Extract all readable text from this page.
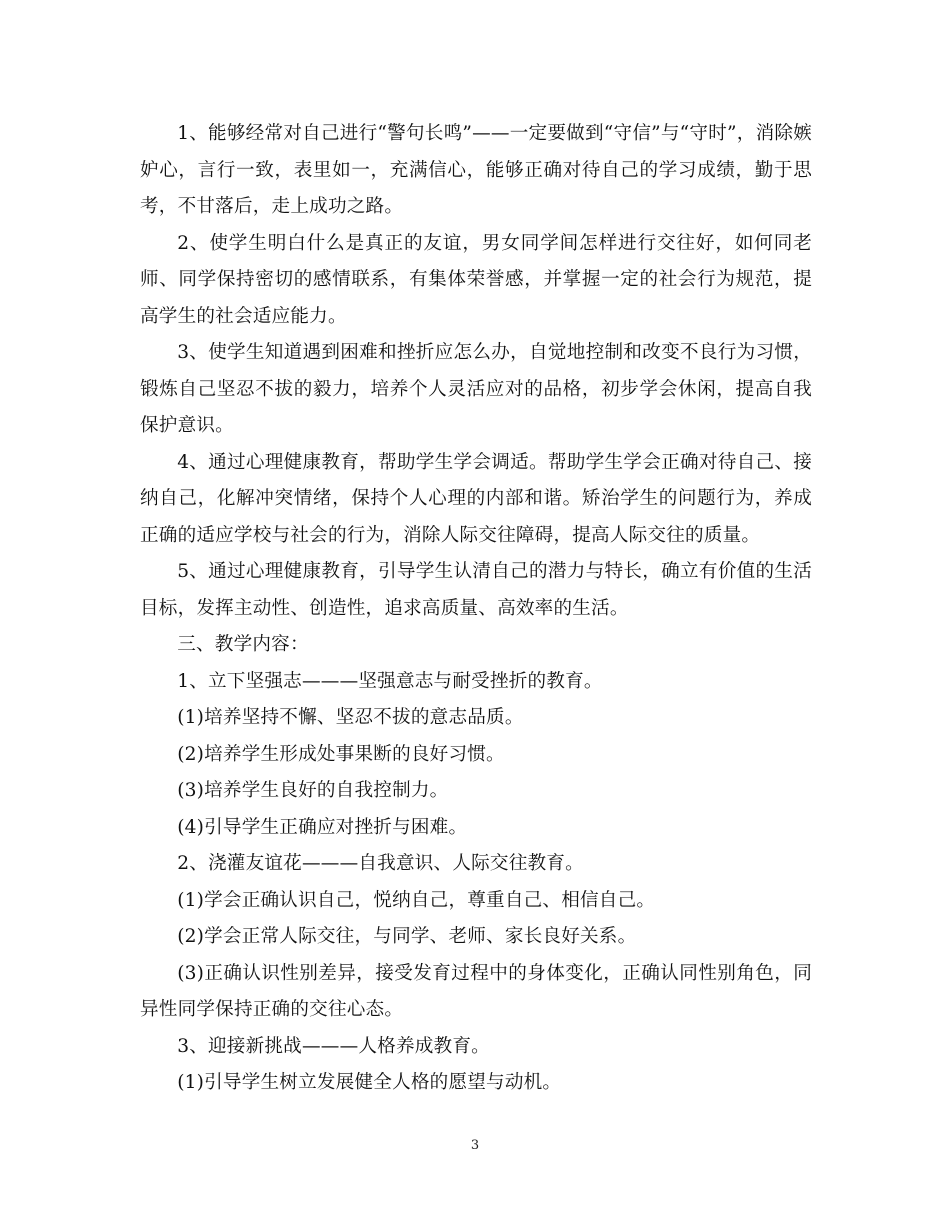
1、能够经常对自己进行“警句长鸣”——一定要做到“守信”与“守时”，消除嫉妒心，言行一致，表里如一，充满信心，能够正确对待自己的学习成绩，勤于思考，不甘落后，走上成功之路。

2、使学生明白什么是真正的友谊，男女同学间怎样进行交往好，如何同老师、同学保持密切的感情联系，有集体荣誉感，并掌握一定的社会行为规范，提高学生的社会适应能力。

3、使学生知道遇到困难和挫折应怎么办，自觉地控制和改变不良行为习惯，锻炼自己坚忍不拔的毅力，培养个人灵活应对的品格，初步学会休闲，提高自我保护意识。

4、通过心理健康教育，帮助学生学会调适。帮助学生学会正确对待自己、接纳自己，化解冲突情绪，保持个人心理的内部和谐。矫治学生的问题行为，养成正确的适应学校与社会的行为，消除人际交往障碍，提高人际交往的质量。

5、通过心理健康教育，引导学生认清自己的潜力与特长，确立有价值的生活目标，发挥主动性、创造性，追求高质量、高效率的生活。

三、教学内容：

1、立下坚强志———坚强意志与耐受挫折的教育。

(1)培养坚持不懈、坚忍不拔的意志品质。

(2)培养学生形成处事果断的良好习惯。

(3)培养学生良好的自我控制力。

(4)引导学生正确应对挫折与困难。

2、浇灌友谊花———自我意识、人际交往教育。

(1)学会正确认识自己，悦纳自己，尊重自己、相信自己。

(2)学会正常人际交往，与同学、老师、家长良好关系。

(3)正确认识性别差异，接受发育过程中的身体变化，正确认同性别角色，同异性同学保持正确的交往心态。

3、迎接新挑战———人格养成教育。

(1)引导学生树立发展健全人格的愿望与动机。

3
